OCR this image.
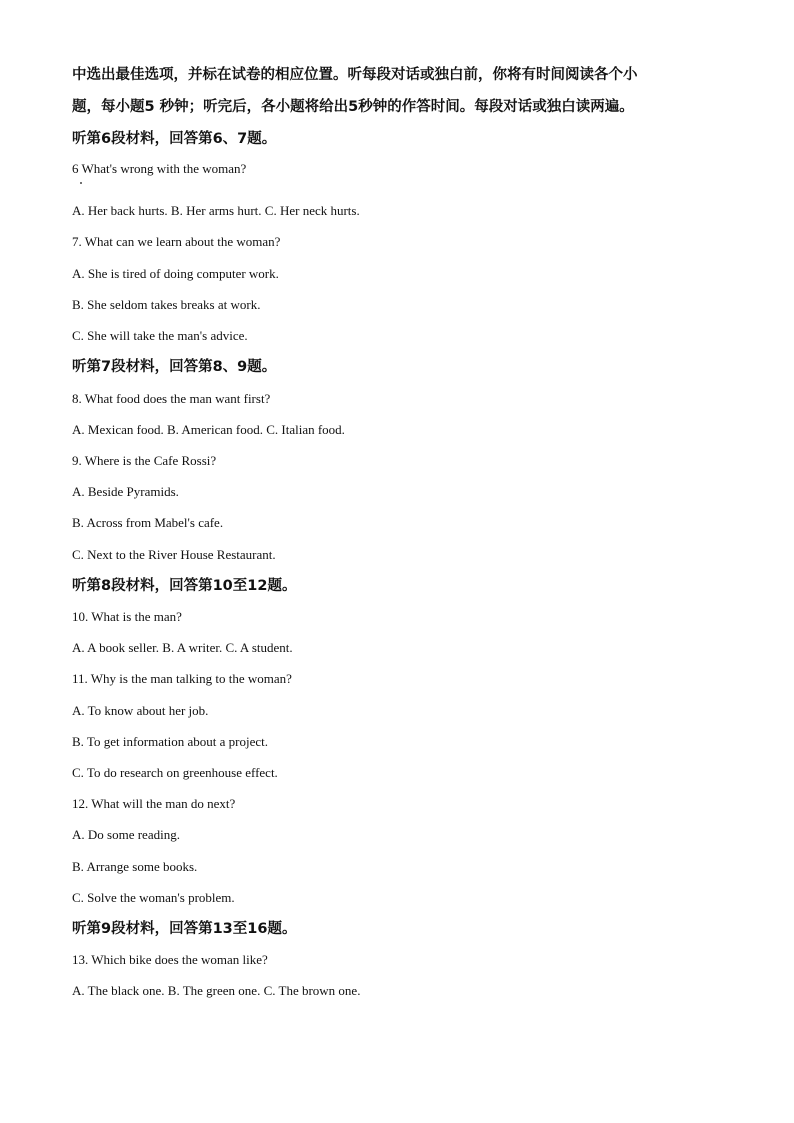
中选出最佳选项，并标在试卷的相应位置。听每段对话或独白前，你将有时间阅读各个小
题，每小题5 秒钟；听完后，各小题将给出5秒钟的作答时间。每段对话或独白读两遍。
听第6段材料，回答第6、7题。
6 What's wrong with the woman?
A. Her back hurts. B. Her arms hurt. C. Her neck hurts.
7. What can we learn about the woman?
A. She is tired of doing computer work.
B. She seldom takes breaks at work.
C. She will take the man's advice.
听第7段材料，回答第8、9题。
8. What food does the man want first?
A. Mexican food. B. American food. C. Italian food.
9. Where is the Cafe Rossi?
A. Beside Pyramids.
B. Across from Mabel's cafe.
C. Next to the River House Restaurant.
听第8段材料，回答第10至12题。
10. What is the man?
A. A book seller. B. A writer. C. A student.
11. Why is the man talking to the woman?
A. To know about her job.
B. To get information about a project.
C. To do research on greenhouse effect.
12. What will the man do next?
A. Do some reading.
B. Arrange some books.
C. Solve the woman's problem.
听第9段材料，回答第13至16题。
13. Which bike does the woman like?
A. The black one. B. The green one. C. The brown one.
